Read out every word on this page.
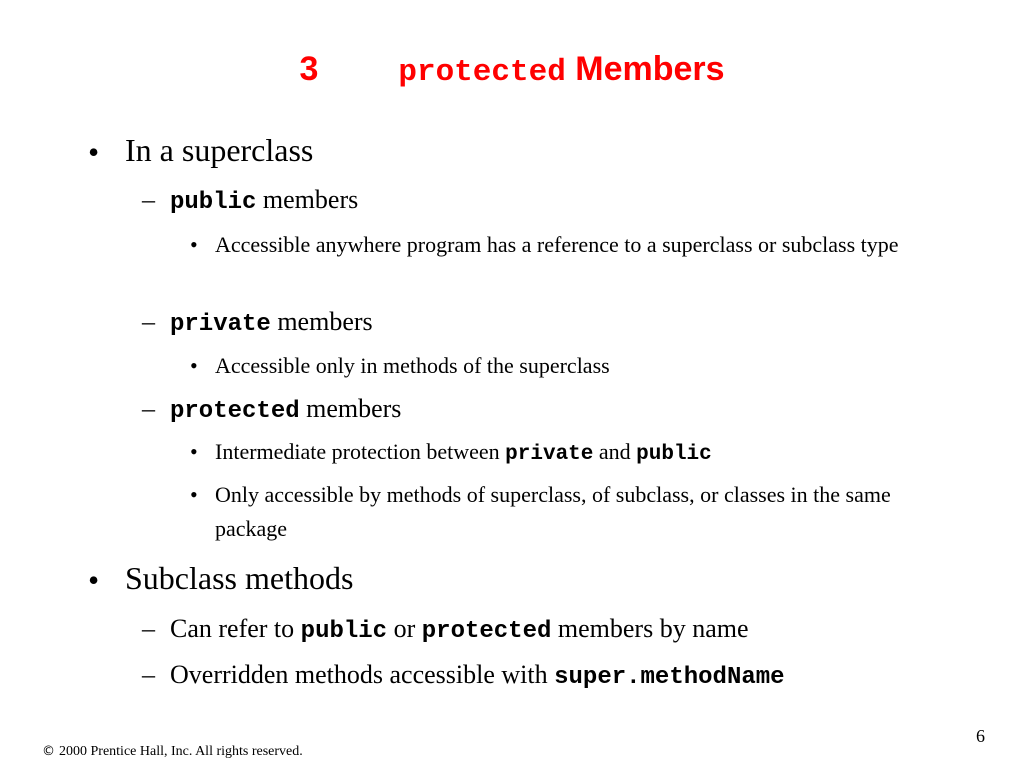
3	protected Members
• In a superclass
– public members
• Accessible anywhere program has a reference to a superclass or subclass type
– private members
• Accessible only in methods of the superclass
– protected members
• Intermediate protection between private and public
• Only accessible by methods of superclass, of subclass, or classes in the same package
• Subclass methods
– Can refer to public or protected members by name
– Overridden methods accessible with super.methodName
© 2000 Prentice Hall, Inc. All rights reserved.
6
